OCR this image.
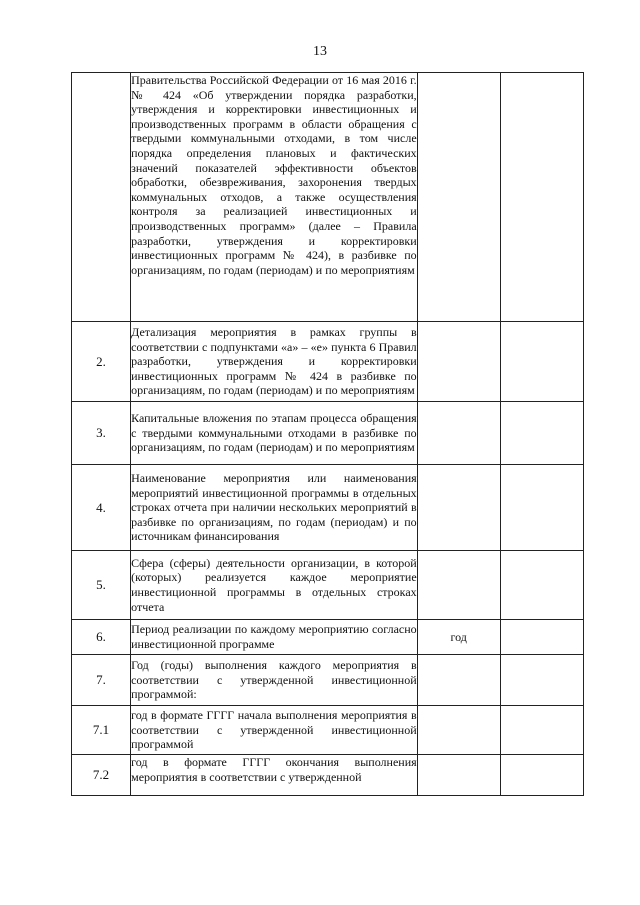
13

	Правительства Российской Федерации от 16 мая 2016 г. № 424 «Об утверждении порядка разработки, утверждения и корректировки инвестиционных и производственных программ в области обращения с твердыми коммунальными отходами, в том числе порядка определения плановых и фактических значений показателей эффективности объектов обработки, обезвреживания, захоронения твердых коммунальных отходов, а также осуществления контроля за реализацией инвестиционных и производственных программ» (далее – Правила разработки, утверждения и корректировки инвестиционных программ № 424), в разбивке по организациям, по годам (периодам) и по мероприятиям		

2.	Детализация мероприятия в рамках группы в соответствии с подпунктами «а» – «е» пункта 6 Правил разработки, утверждения и корректировки инвестиционных программ № 424 в разбивке по организациям, по годам (периодам) и по мероприятиям		

3.	Капитальные вложения по этапам процесса обращения с твердыми коммунальными отходами в разбивке по организациям, по годам (периодам) и по мероприятиям		

4.	Наименование мероприятия или наименования мероприятий инвестиционной программы в отдельных строках отчета при наличии нескольких мероприятий в разбивке по организациям, по годам (периодам) и по источникам финансирования		

5.	Сфера (сферы) деятельности организации, в которой (которых) реализуется каждое мероприятие инвестиционной программы в отдельных строках отчета		

6.	Период реализации по каждому мероприятию согласно инвестиционной программе	год	
7.	Год (годы) выполнения каждого мероприятия в соответствии с утвержденной инвестиционной программой:		

7.1	год в формате ГГГГ начала выполнения мероприятия в соответствии с утвержденной инвестиционной программой		

7.2	год в формате ГГГГ окончания выполнения мероприятия в соответствии с утвержденной		
